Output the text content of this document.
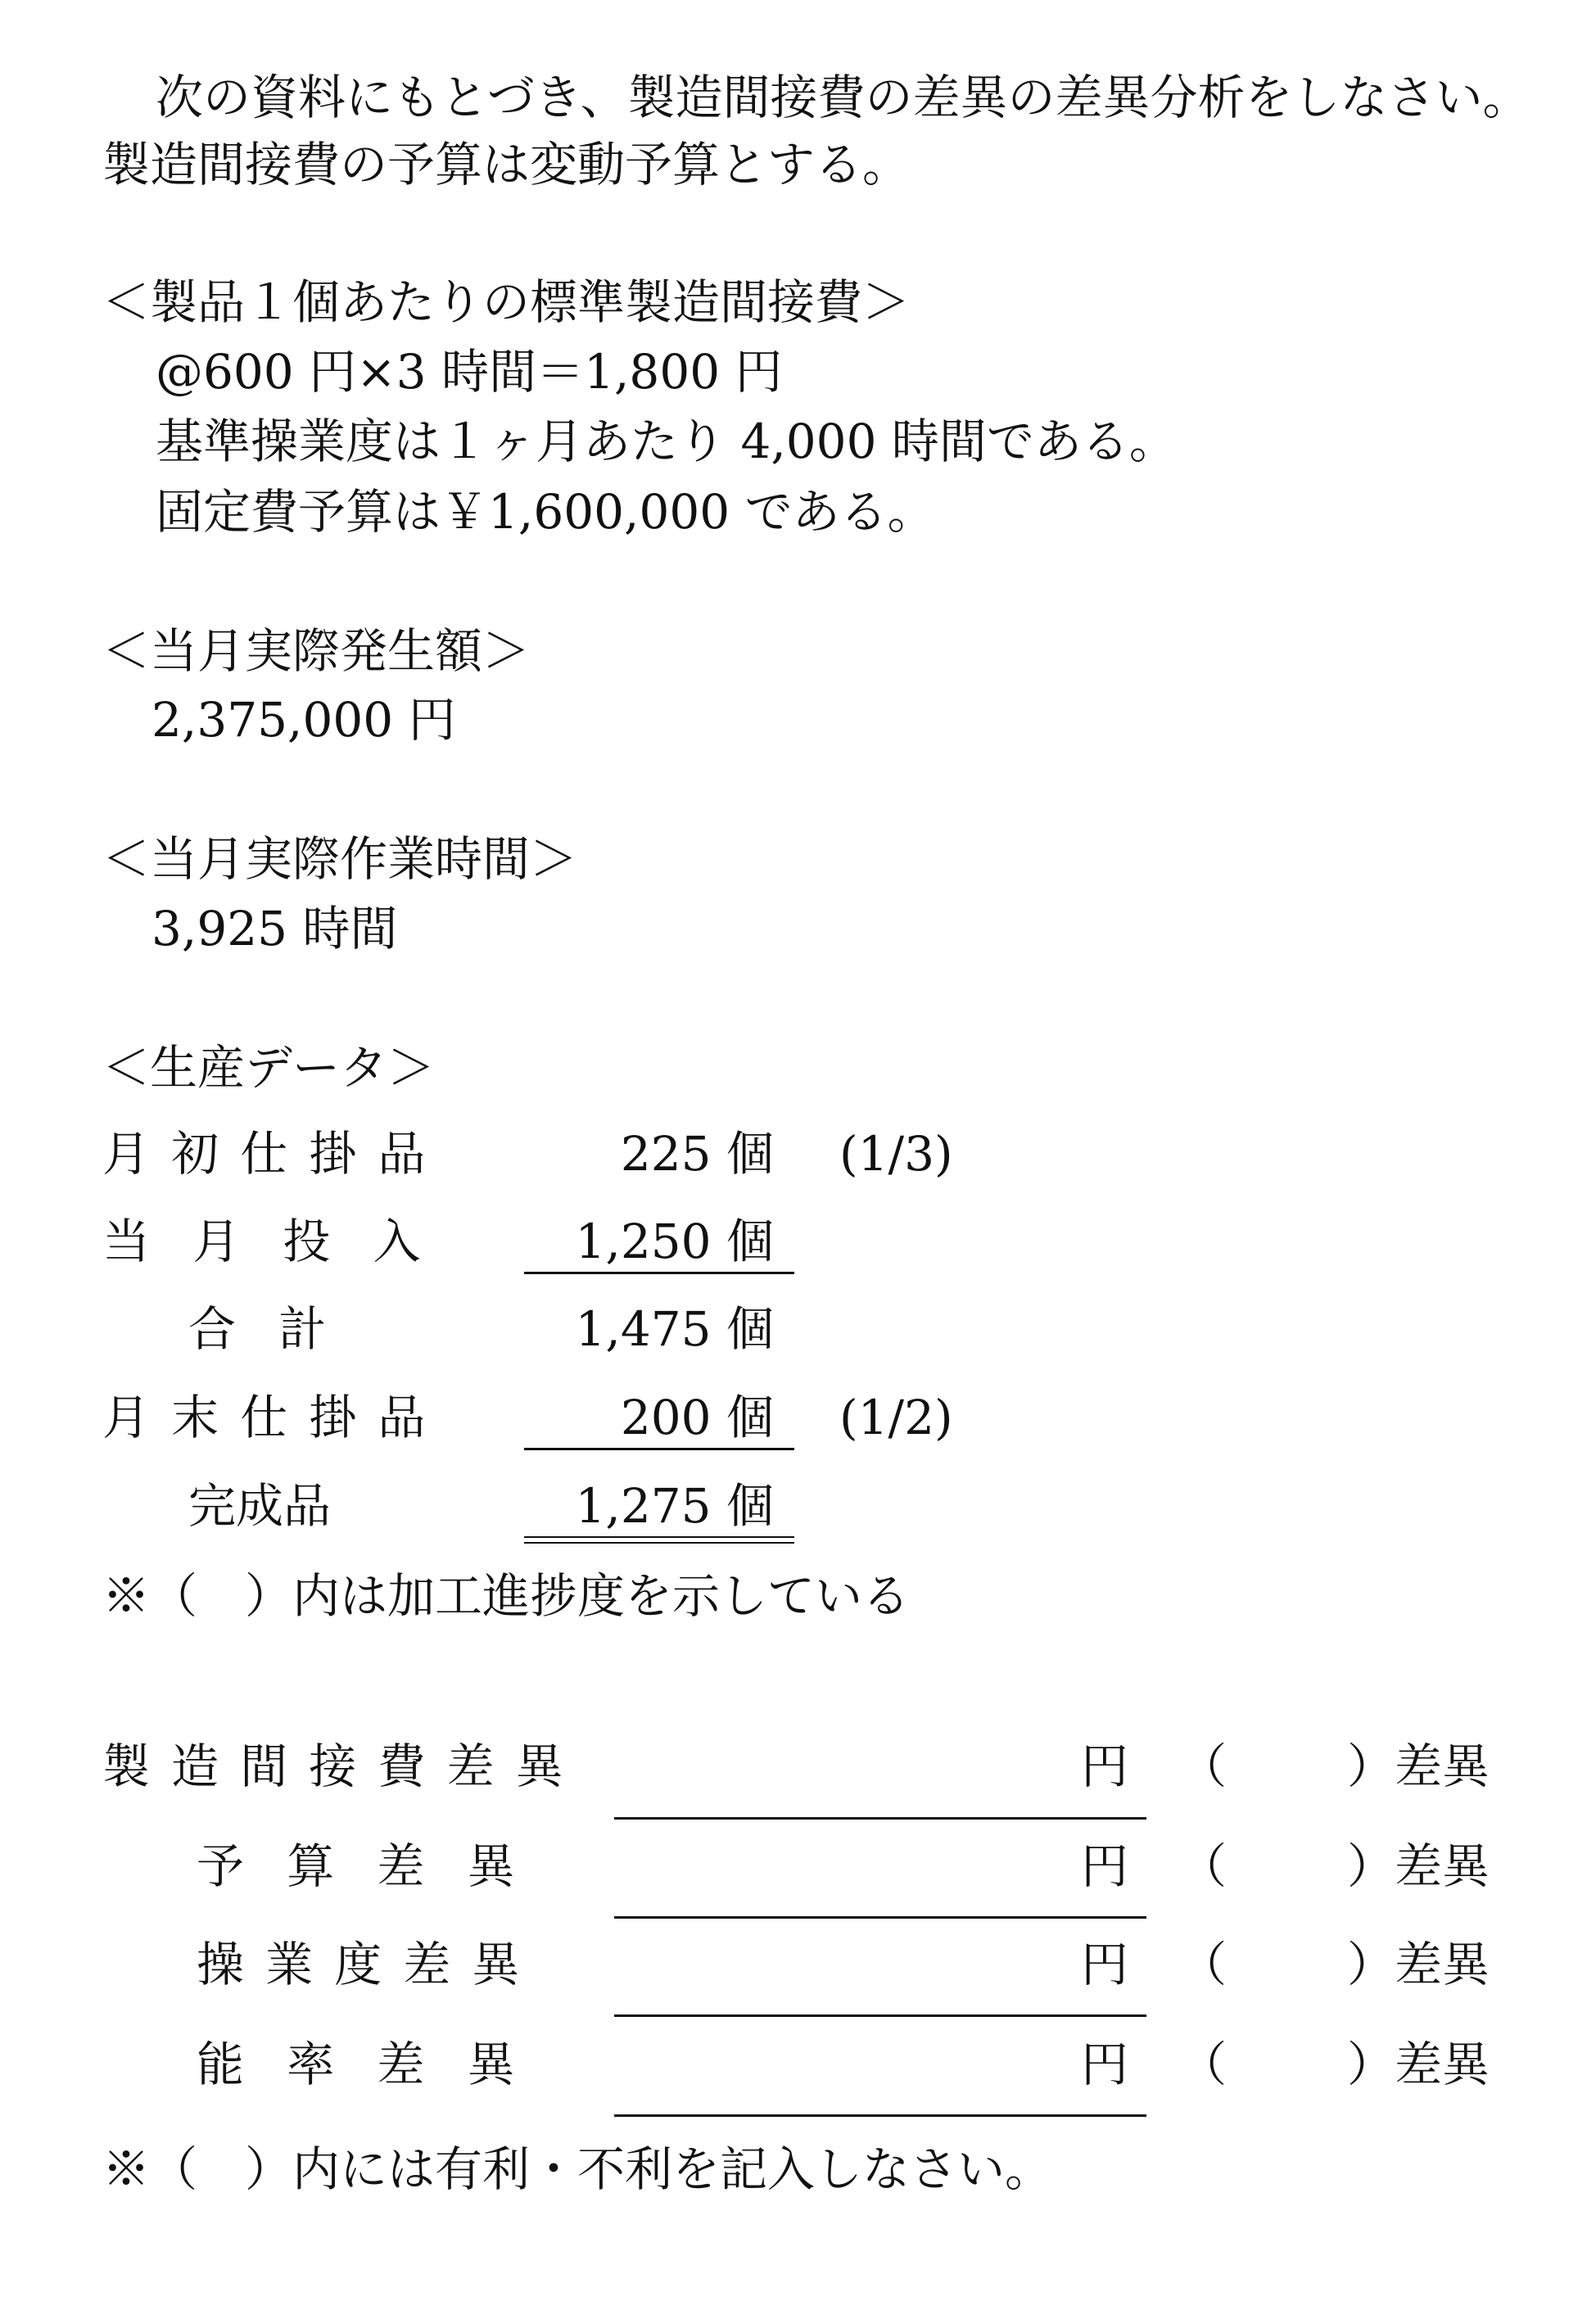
次の資料にもとづき、製造間接費の差異の差異分析をしなさい。
製造間接費の予算は変動予算とする。
＜製品１個あたりの標準製造間接費＞
@600 円×3 時間＝1,800 円
基準操業度は１ヶ月あたり 4,000 時間である。
固定費予算は￥1,600,000 である。
＜当月実際発生額＞
2,375,000 円
＜当月実際作業時間＞
3,925 時間
＜生産データ＞
月初仕掛品	225 個 (1/3)
当月投入	1,250 個
合計	1,475 個
月末仕掛品	200 個 (1/2)
完成品	1,275 個
※（　）内は加工進捗度を示している
製造間接費差異	円 （	）差異
予算差異	円 （	）差異
操業度差異	円 （	）差異
能率差異	円 （	）差異
※（　）内には有利・不利を記入しなさい。
